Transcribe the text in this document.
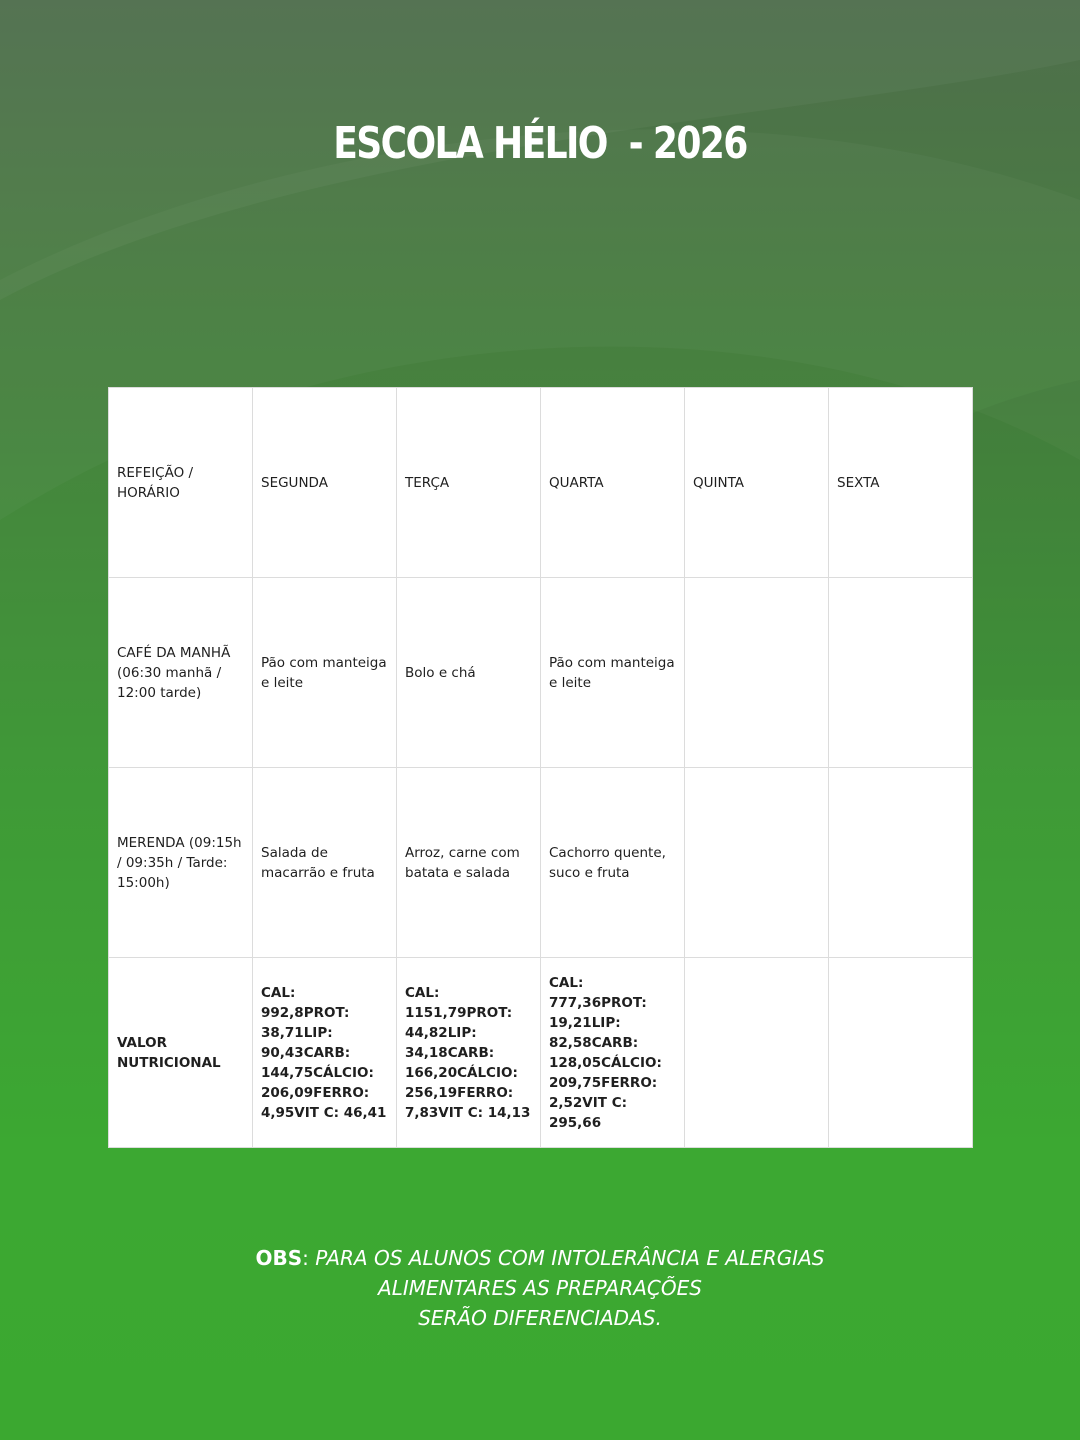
ESCOLA HÉLIO  - 2026
REFEIÇÃO / HORÁRIO	SEGUNDA	TERÇA	QUARTA	QUINTA	SEXTA
CAFÉ DA MANHÃ (06:30 manhã / 12:00 tarde)	Pão com manteiga e leite	Bolo e chá	Pão com manteiga e leite		
MERENDA (09:15h / 09:35h / Tarde: 15:00h)	Salada de macarrão e fruta	Arroz, carne com batata e salada	Cachorro quente, suco e fruta		
VALOR NUTRICIONAL	CAL: 992,8PROT: 38,71LIP: 90,43CARB: 144,75CÁLCIO: 206,09FERRO: 4,95VIT C: 46,41	CAL: 1151,79PROT: 44,82LIP: 34,18CARB: 166,20CÁLCIO: 256,19FERRO: 7,83VIT C: 14,13	CAL: 777,36PROT: 19,21LIP: 82,58CARB: 128,05CÁLCIO: 209,75FERRO: 2,52VIT C: 295,66		
OBS: PARA OS ALUNOS COM INTOLERÂNCIA E ALERGIAS
ALIMENTARES AS PREPARAÇÕES
SERÃO DIFERENCIADAS.
